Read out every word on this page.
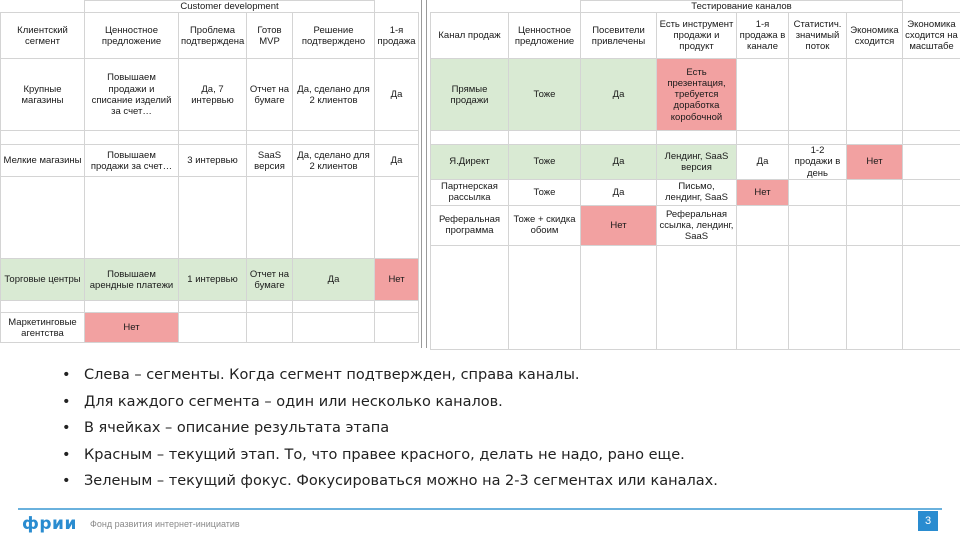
	Customer development				
Клиентский сегмент	Ценностное предложение	Проблема подтверждена	Готов MVP	Решение подтверждено	1-я продажа
Крупные магазины	Повышаем продажи и списание изделий за счет…	Да, 7 интервью	Отчет на бумаге	Да, сделано для 2 клиентов	Да

Мелкие магазины	Повышаем продажи за счет…	3 интервью	SaaS версия	Да, сделано для 2 клиентов	Да

Торговые центры	Повышаем арендные платежи	1 интервью	Отчет на бумаге	Да	Нет

Маркетинговые агентства	Нет				
		Тестирование каналов					
Канал продаж	Ценностное предложение	Посевители привлечены	Есть инструмент продажи и продукт	1-я продажа в канале	Статистич. значимый поток	Экономика сходится	Экономика сходится на масштабе
Прямые продажи	Тоже	Да	Есть презентация, требуется доработка коробочной				

Я.Директ	Тоже	Да	Лендинг, SaaS версия	Да	1-2 продажи в день	Нет	
Партнерская рассылка	Тоже	Да	Письмо, лендинг, SaaS	Нет			
Реферальная программа	Тоже + скидка обоим	Нет	Реферальная ссылка, лендинг, SaaS				

• Слева – сегменты. Когда сегмент подтвержден, справа каналы.
• Для каждого сегмента – один или несколько каналов.
• В ячейках – описание результата этапа
• Красным – текущий этап. То, что правее красного, делать не надо, рано еще.
• Зеленым – текущий фокус. Фокусироваться можно на 2-3 сегментах или каналах.
фрии Фонд развития интернет-инициатив	3
